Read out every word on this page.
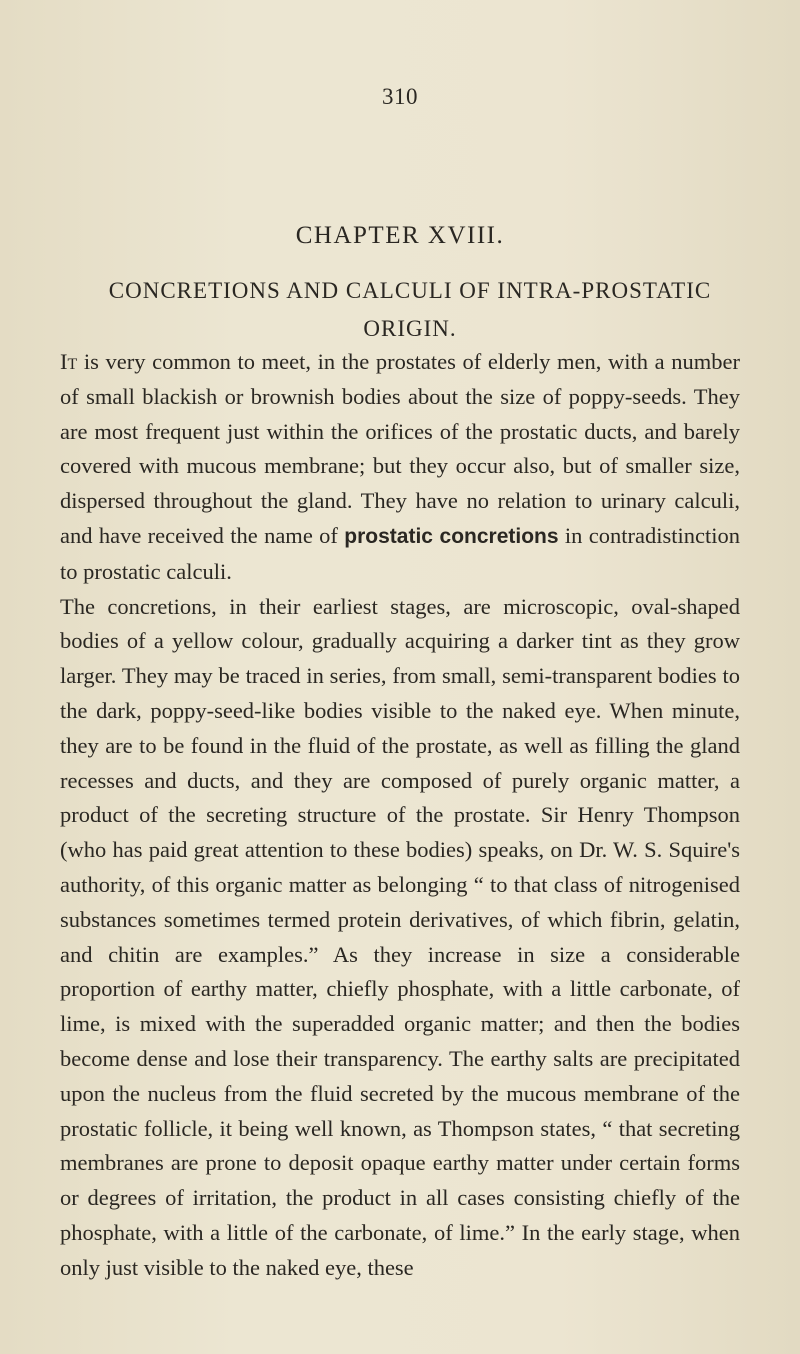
310
CHAPTER XVIII.
CONCRETIONS AND CALCULI OF INTRA-PROSTATIC ORIGIN.

It is very common to meet, in the prostates of elderly men, with a number of small blackish or brownish bodies about the size of poppy-seeds. They are most frequent just within the orifices of the prostatic ducts, and barely covered with mucous membrane; but they occur also, but of smaller size, dispersed throughout the gland. They have no relation to urinary calculi, and have received the name of prostatic concretions in contradistinction to prostatic calculi.

The concretions, in their earliest stages, are microscopic, oval-shaped bodies of a yellow colour, gradually acquiring a darker tint as they grow larger. They may be traced in series, from small, semi-transparent bodies to the dark, poppy-seed-like bodies visible to the naked eye. When minute, they are to be found in the fluid of the prostate, as well as filling the gland recesses and ducts, and they are composed of purely organic matter, a product of the secreting structure of the prostate. Sir Henry Thompson (who has paid great attention to these bodies) speaks, on Dr. W. S. Squire's authority, of this organic matter as belonging “ to that class of nitrogenised substances sometimes termed protein derivatives, of which fibrin, gelatin, and chitin are examples.” As they increase in size a considerable proportion of earthy matter, chiefly phosphate, with a little carbonate, of lime, is mixed with the superadded organic matter; and then the bodies become dense and lose their transparency. The earthy salts are precipitated upon the nucleus from the fluid secreted by the mucous membrane of the prostatic follicle, it being well known, as Thompson states, “ that secreting membranes are prone to deposit opaque earthy matter under certain forms or degrees of irritation, the product in all cases consisting chiefly of the phosphate, with a little of the carbonate, of lime.” In the early stage, when only just visible to the naked eye, these
